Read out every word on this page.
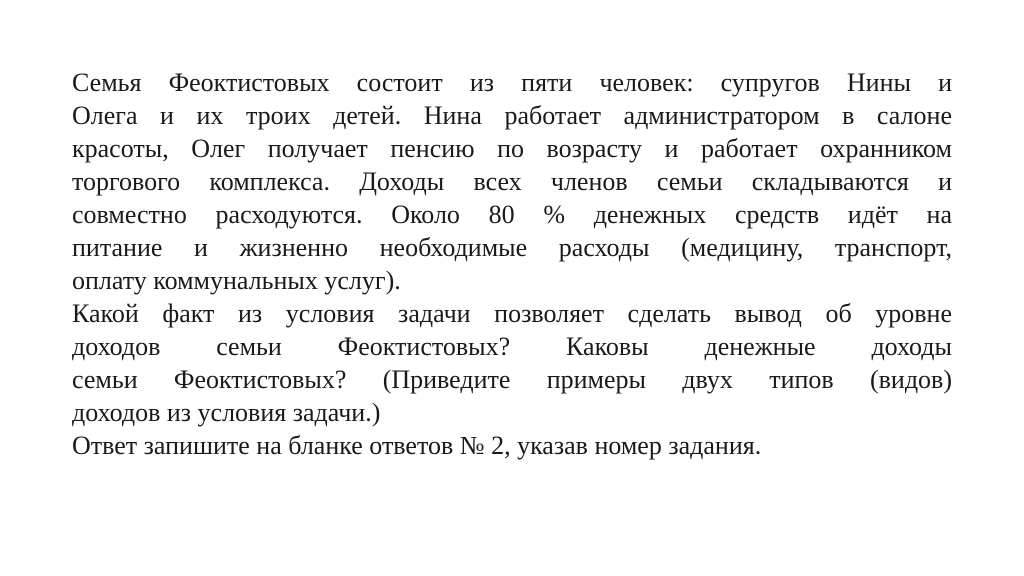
Семья Феоктистовых состоит из пяти человек: супругов Нины и
Олега и их троих детей. Нина работает администратором в салоне
красоты, Олег получает пенсию по возрасту и работает охранником
торгового комплекса. Доходы всех членов семьи складываются и
совместно расходуются. Около 80 % денежных средств идёт на
питание и жизненно необходимые расходы (медицину, транспорт,
оплату коммунальных услуг).
Какой факт из условия задачи позволяет сделать вывод об уровне
доходов семьи Феоктистовых? Каковы денежные доходы
семьи Феоктистовых? (Приведите примеры двух типов (видов)
доходов из условия задачи.)
Ответ запишите на бланке ответов № 2, указав номер задания.
